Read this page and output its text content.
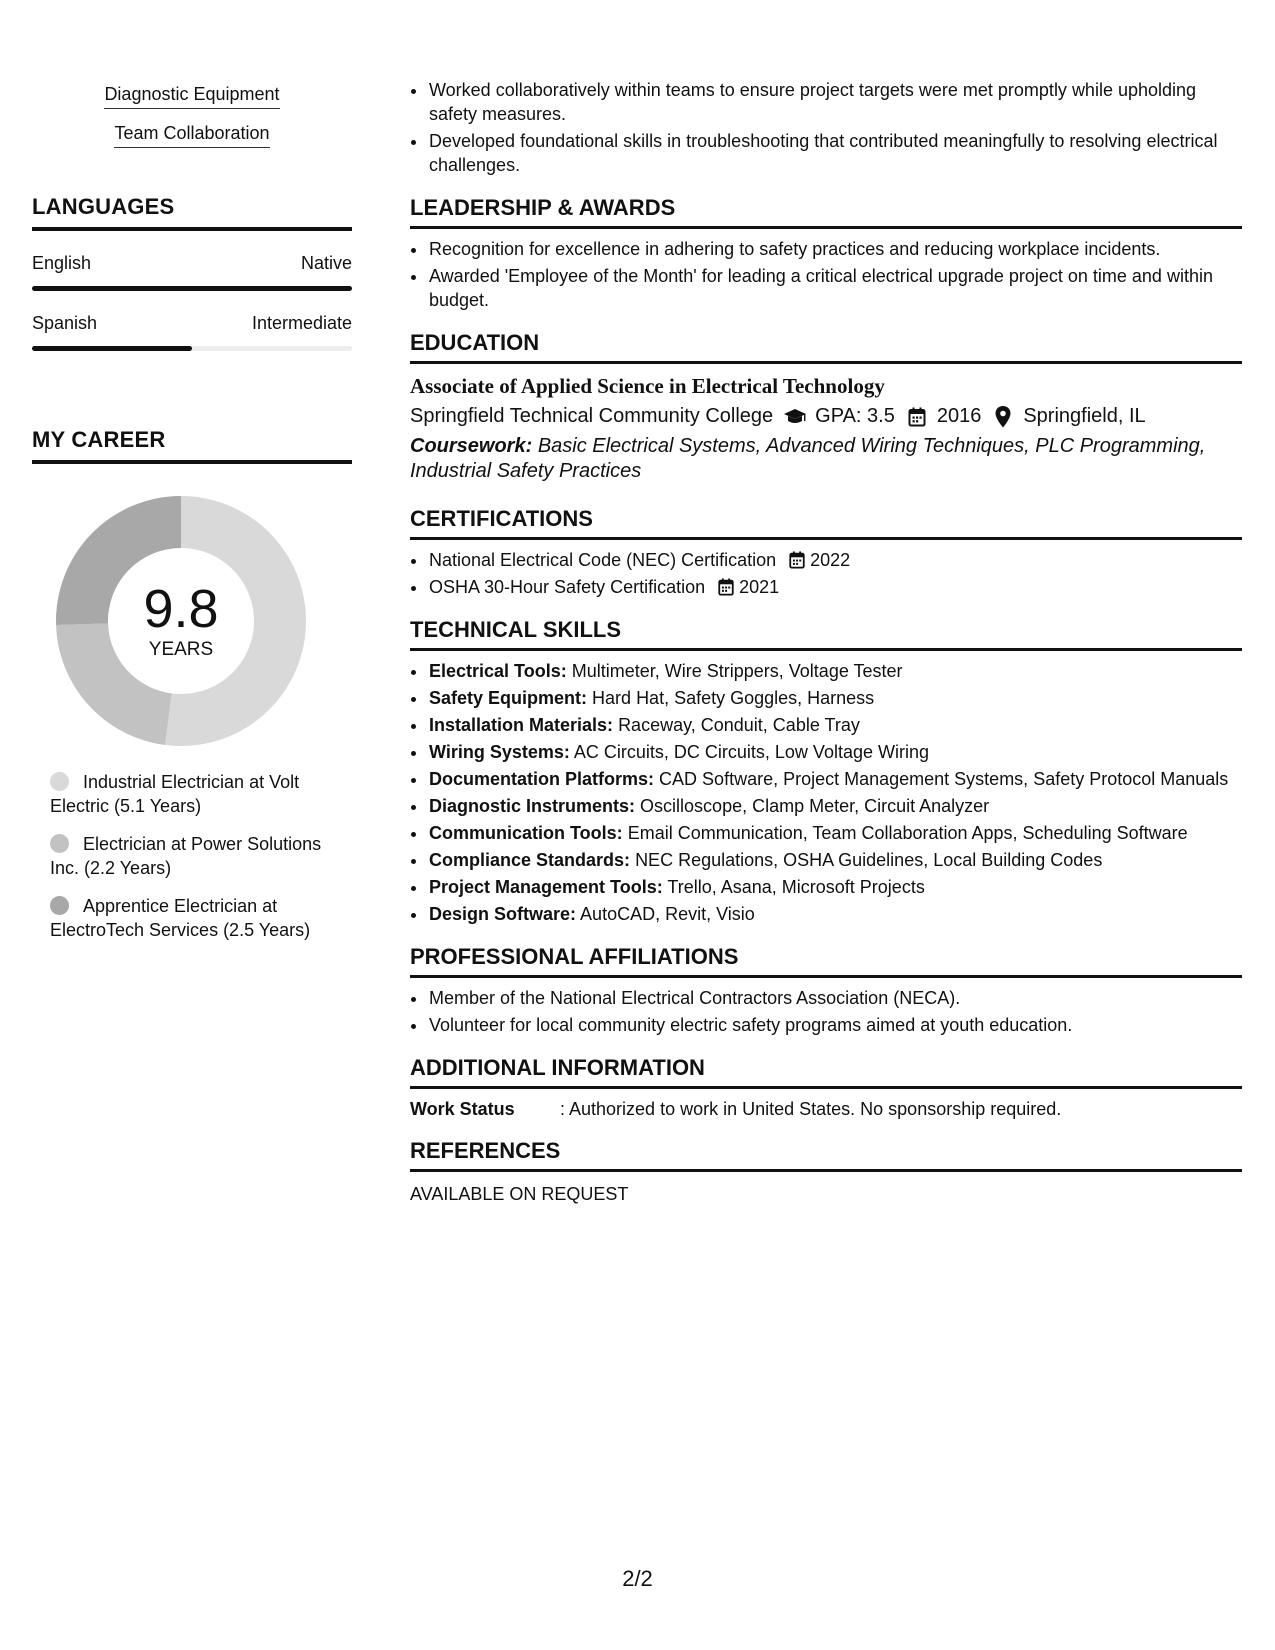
Diagnostic Equipment
Team Collaboration
LANGUAGES
English	Native
Spanish	Intermediate
MY CAREER
9.8
YEARS
Industrial Electrician at Volt Electric (5.1 Years)
Electrician at Power Solutions Inc. (2.2 Years)
Apprentice Electrician at ElectroTech Services (2.5 Years)
• Worked collaboratively within teams to ensure project targets were met promptly while upholding safety measures.
• Developed foundational skills in troubleshooting that contributed meaningfully to resolving electrical challenges.
LEADERSHIP & AWARDS
• Recognition for excellence in adhering to safety practices and reducing workplace incidents.
• Awarded 'Employee of the Month' for leading a critical electrical upgrade project on time and within budget.
EDUCATION
Associate of Applied Science in Electrical Technology
Springfield Technical Community College GPA: 3.5 2016 Springfield, IL
Coursework: Basic Electrical Systems, Advanced Wiring Techniques, PLC Programming, Industrial Safety Practices
CERTIFICATIONS
• National Electrical Code (NEC) Certification 2022
• OSHA 30-Hour Safety Certification 2021
TECHNICAL SKILLS
• Electrical Tools: Multimeter, Wire Strippers, Voltage Tester
• Safety Equipment: Hard Hat, Safety Goggles, Harness
• Installation Materials: Raceway, Conduit, Cable Tray
• Wiring Systems: AC Circuits, DC Circuits, Low Voltage Wiring
• Documentation Platforms: CAD Software, Project Management Systems, Safety Protocol Manuals
• Diagnostic Instruments: Oscilloscope, Clamp Meter, Circuit Analyzer
• Communication Tools: Email Communication, Team Collaboration Apps, Scheduling Software
• Compliance Standards: NEC Regulations, OSHA Guidelines, Local Building Codes
• Project Management Tools: Trello, Asana, Microsoft Projects
• Design Software: AutoCAD, Revit, Visio
PROFESSIONAL AFFILIATIONS
• Member of the National Electrical Contractors Association (NECA).
• Volunteer for local community electric safety programs aimed at youth education.
ADDITIONAL INFORMATION
Work Status	: Authorized to work in United States. No sponsorship required.
REFERENCES
AVAILABLE ON REQUEST
2/2
